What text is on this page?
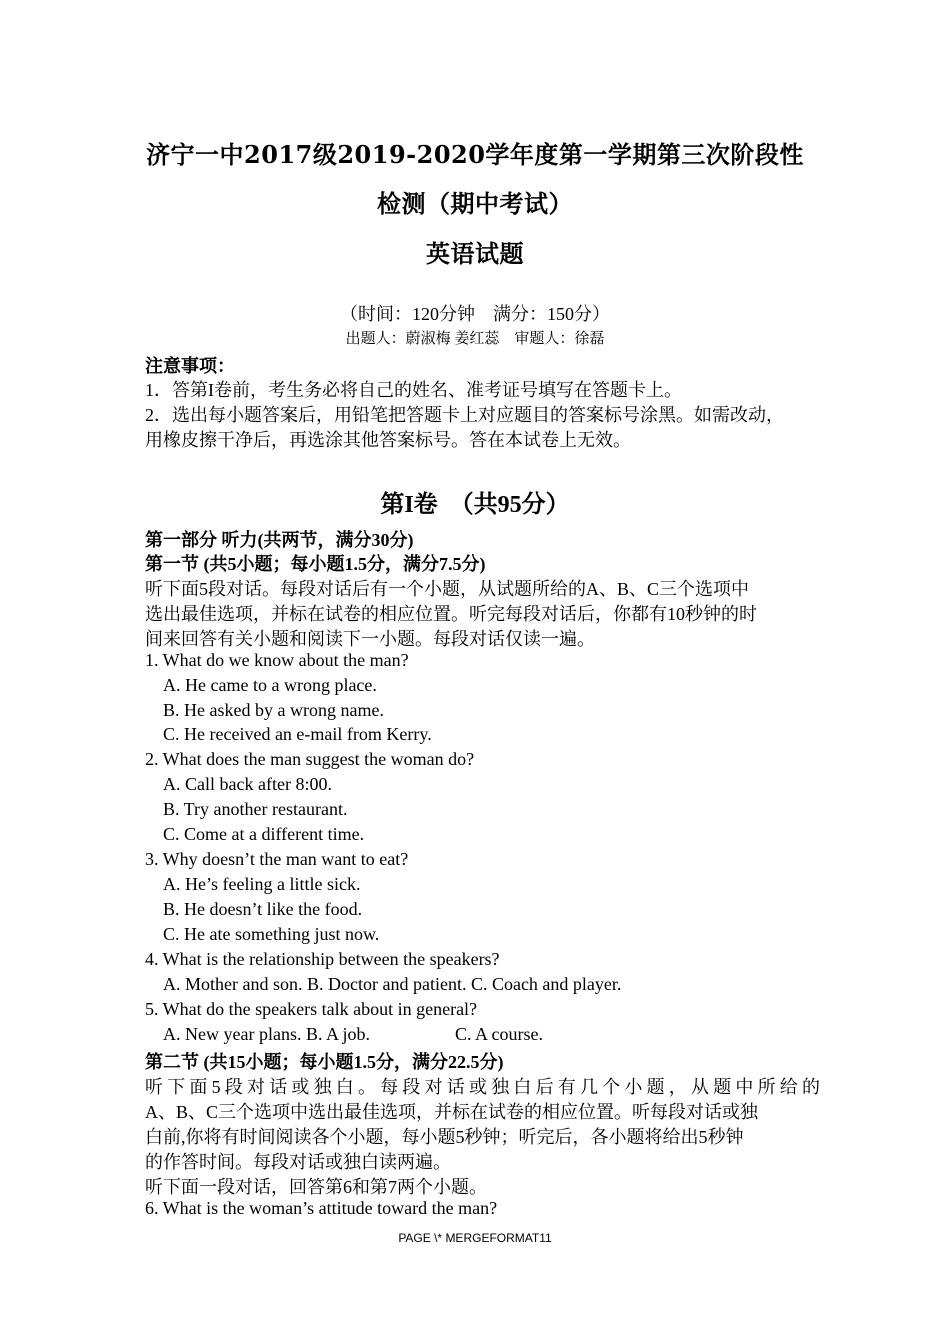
济宁一中2017级2019-2020学年度第一学期第三次阶段性
检测（期中考试）
英语试题
（时间：120分钟　满分：150分）
出题人：蔚淑梅 姜红蕊　审题人：徐磊
注意事项：
1．答第I卷前，考生务必将自己的姓名、准考证号填写在答题卡上。
2．选出每小题答案后，用铅笔把答题卡上对应题目的答案标号涂黑。如需改动，
用橡皮擦干净后，再选涂其他答案标号。答在本试卷上无效。
第I卷　（共95分）
第一部分 听力(共两节，满分30分)
第一节 (共5小题；每小题1.5分，满分7.5分)
听下面5段对话。每段对话后有一个小题，从试题所给的A、B、C三个选项中
选出最佳选项，并标在试卷的相应位置。听完每段对话后，你都有10秒钟的时
间来回答有关小题和阅读下一小题。每段对话仅读一遍。
1. What do we know about the man?
A. He came to a wrong place.
B. He asked by a wrong name.
C. He received an e-mail from Kerry.
2. What does the man suggest the woman do?
A. Call back after 8:00.
B. Try another restaurant.
C. Come at a different time.
3. Why doesn’t the man want to eat?
A. He’s feeling a little sick.
B. He doesn’t like the food.
C. He ate something just now.
4. What is the relationship between the speakers?
A. Mother and son. B. Doctor and patient. C. Coach and player.
5. What do the speakers talk about in general?
A. New year plans. B. A job.	C. A course.
第二节 (共15小题；每小题1.5分，满分22.5分)
听下面5段对话或独白。每段对话或独白后有几个小题，从题中所给的
A、B、C三个选项中选出最佳选项，并标在试卷的相应位置。听每段对话或独
白前,你将有时间阅读各个小题，每小题5秒钟；听完后，各小题将给出5秒钟
的作答时间。每段对话或独白读两遍。
听下面一段对话，回答第6和第7两个小题。
6. What is the woman’s attitude toward the man?
PAGE \* MERGEFORMAT11
